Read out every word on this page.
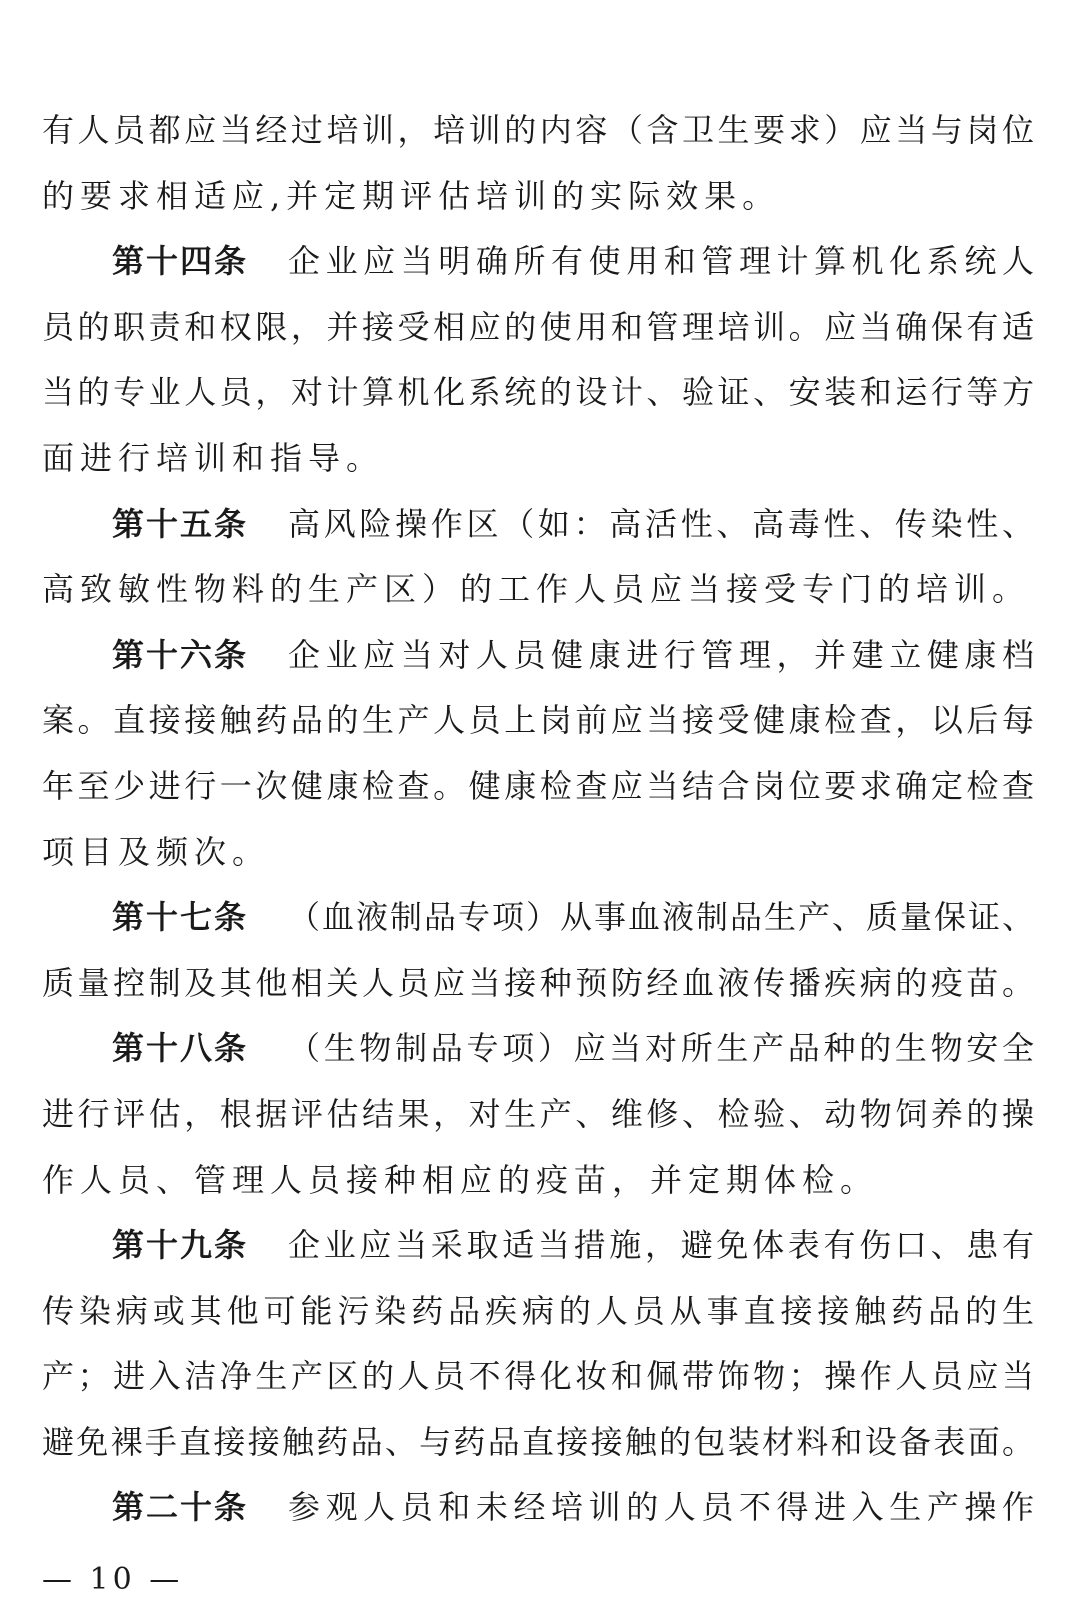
有人员都应当经过培训，培训的内容（含卫生要求）应当与岗位
的要求相适应,并定期评估培训的实际效果。
第十四条 企业应当明确所有使用和管理计算机化系统人
员的职责和权限，并接受相应的使用和管理培训。应当确保有适
当的专业人员，对计算机化系统的设计、验证、安装和运行等方
面进行培训和指导。
第十五条 高风险操作区（如：高活性、高毒性、传染性、
高致敏性物料的生产区）的工作人员应当接受专门的培训。
第十六条 企业应当对人员健康进行管理，并建立健康档
案。直接接触药品的生产人员上岗前应当接受健康检查，以后每
年至少进行一次健康检查。健康检查应当结合岗位要求确定检查
项目及频次。
第十七条 （血液制品专项）从事血液制品生产、质量保证、
质量控制及其他相关人员应当接种预防经血液传播疾病的疫苗。
第十八条 （生物制品专项）应当对所生产品种的生物安全
进行评估，根据评估结果，对生产、维修、检验、动物饲养的操
作人员、管理人员接种相应的疫苗，并定期体检。
第十九条 企业应当采取适当措施，避免体表有伤口、患有
传染病或其他可能污染药品疾病的人员从事直接接触药品的生
产；进入洁净生产区的人员不得化妆和佩带饰物；操作人员应当
避免裸手直接接触药品、与药品直接接触的包装材料和设备表面。
第二十条 参观人员和未经培训的人员不得进入生产操作
— 10 —
